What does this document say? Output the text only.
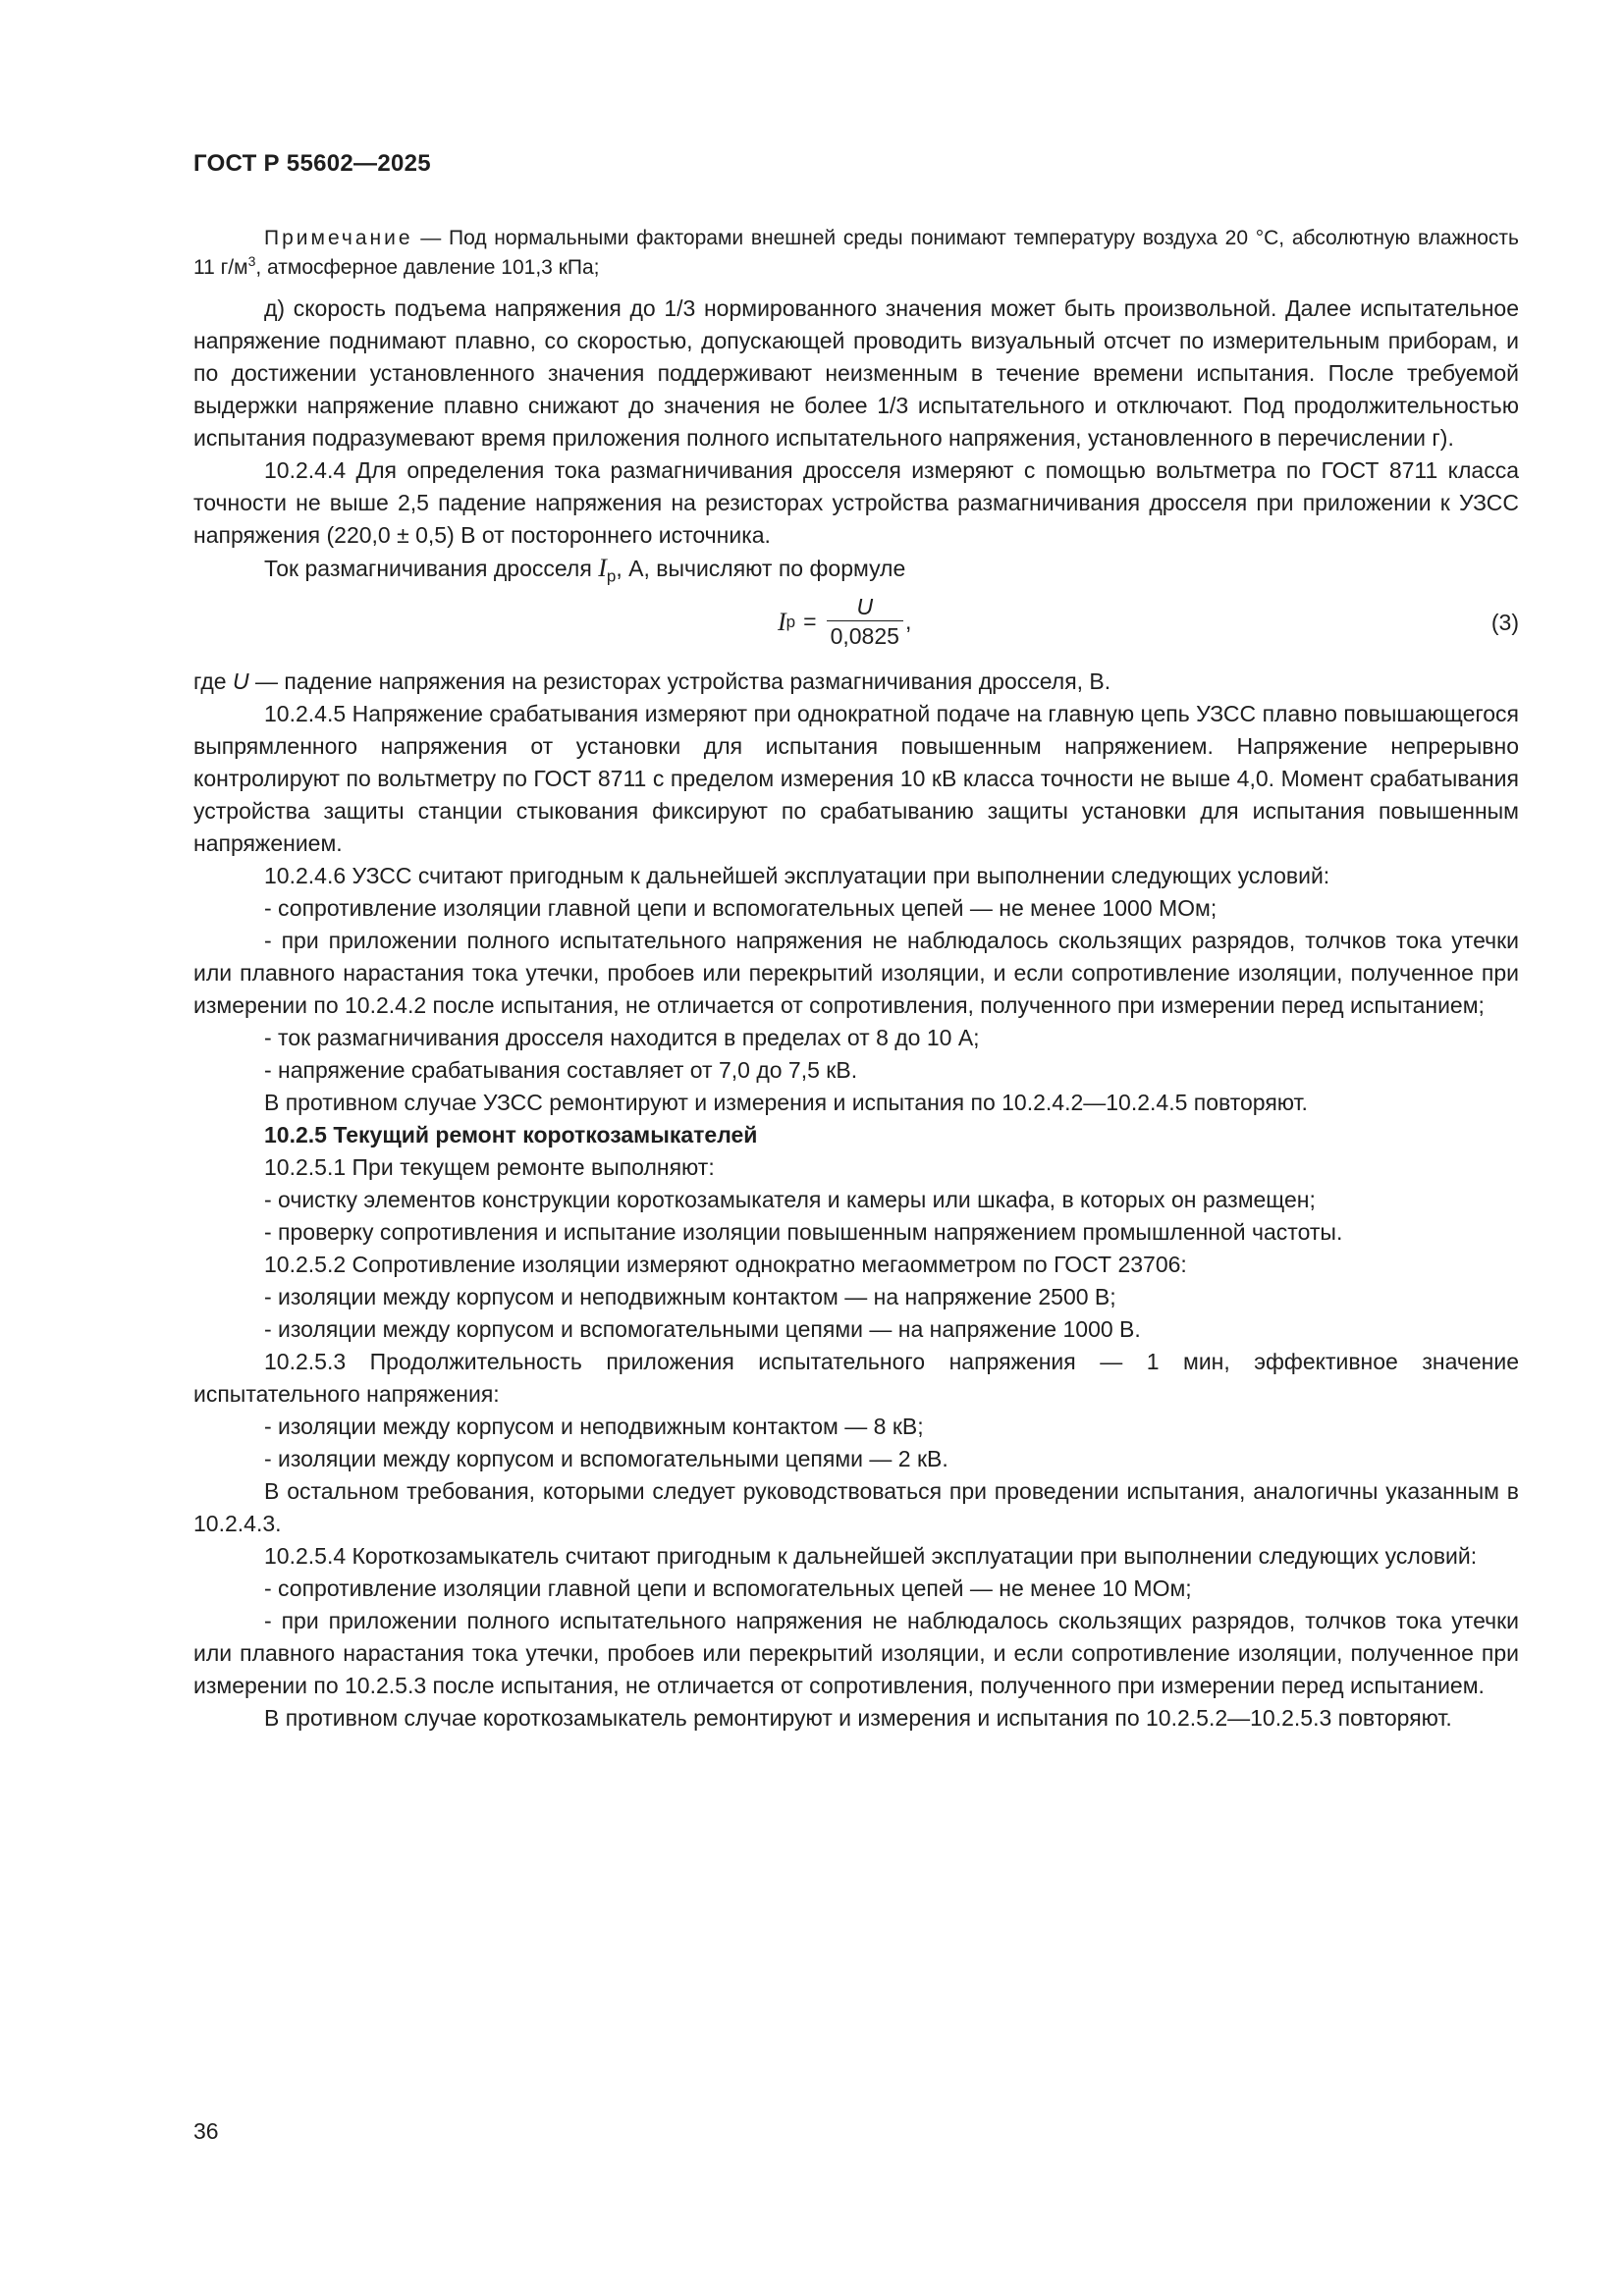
ГОСТ Р 55602—2025

Примечание — Под нормальными факторами внешней среды понимают температуру воздуха 20 °С, абсолютную влажность 11 $г/м^3$, атмосферное давление 101,3 кПа;

д) скорость подъема напряжения до 1/3 нормированного значения может быть произвольной. Далее испытательное напряжение поднимают плавно, со скоростью, допускающей проводить визуальный отсчет по измерительным приборам, и по достижении установленного значения поддерживают неизменным в течение времени испытания. После требуемой выдержки напряжение плавно снижают до значения не более 1/3 испытательного и отключают. Под продолжительностью испытания подразумевают время приложения полного испытательного напряжения, установленного в перечислении г).

10.2.4.4 Для определения тока размагничивания дросселя измеряют с помощью вольтметра по ГОСТ 8711 класса точности не выше 2,5 падение напряжения на резисторах устройства размагничивания дросселя при приложении к УЗСС напряжения (220,0 ± 0,5) В от постороннего источника.

Ток размагничивания дросселя $I_р$, А, вычисляют по формуле

I $р = \frac{U}{0,0825}$ ,	(3)

где U — падение напряжения на резисторах устройства размагничивания дросселя, В.

10.2.4.5 Напряжение срабатывания измеряют при однократной подаче на главную цепь УЗСС плавно повышающегося выпрямленного напряжения от установки для испытания повышенным напряжением. Напряжение непрерывно контролируют по вольтметру по ГОСТ 8711 с пределом измерения 10 кВ класса точности не выше 4,0. Момент срабатывания устройства защиты станции стыкования фиксируют по срабатыванию защиты установки для испытания повышенным напряжением.

10.2.4.6 УЗСС считают пригодным к дальнейшей эксплуатации при выполнении следующих условий:

- сопротивление изоляции главной цепи и вспомогательных цепей — не менее 1000 МОм;

- при приложении полного испытательного напряжения не наблюдалось скользящих разрядов, толчков тока утечки или плавного нарастания тока утечки, пробоев или перекрытий изоляции, и если сопротивление изоляции, полученное при измерении по 10.2.4.2 после испытания, не отличается от сопротивления, полученного при измерении перед испытанием;

- ток размагничивания дросселя находится в пределах от 8 до 10 А;

- напряжение срабатывания составляет от 7,0 до 7,5 кВ.

В противном случае УЗСС ремонтируют и измерения и испытания по 10.2.4.2—10.2.4.5 повторяют.

10.2.5 Текущий ремонт короткозамыкателей

10.2.5.1 При текущем ремонте выполняют:

- очистку элементов конструкции короткозамыкателя и камеры или шкафа, в которых он размещен;

- проверку сопротивления и испытание изоляции повышенным напряжением промышленной частоты.

10.2.5.2 Сопротивление изоляции измеряют однократно мегаомметром по ГОСТ 23706:

- изоляции между корпусом и неподвижным контактом — на напряжение 2500 В;

- изоляции между корпусом и вспомогательными цепями — на напряжение 1000 В.

10.2.5.3 Продолжительность приложения испытательного напряжения — 1 мин, эффективное значение испытательного напряжения:

- изоляции между корпусом и неподвижным контактом — 8 кВ;

- изоляции между корпусом и вспомогательными цепями — 2 кВ.

В остальном требования, которыми следует руководствоваться при проведении испытания, аналогичны указанным в 10.2.4.3.

10.2.5.4 Короткозамыкатель считают пригодным к дальнейшей эксплуатации при выполнении следующих условий:

- сопротивление изоляции главной цепи и вспомогательных цепей — не менее 10 МОм;

- при приложении полного испытательного напряжения не наблюдалось скользящих разрядов, толчков тока утечки или плавного нарастания тока утечки, пробоев или перекрытий изоляции, и если сопротивление изоляции, полученное при измерении по 10.2.5.3 после испытания, не отличается от сопротивления, полученного при измерении перед испытанием.

В противном случае короткозамыкатель ремонтируют и измерения и испытания по 10.2.5.2—10.2.5.3 повторяют.

36
